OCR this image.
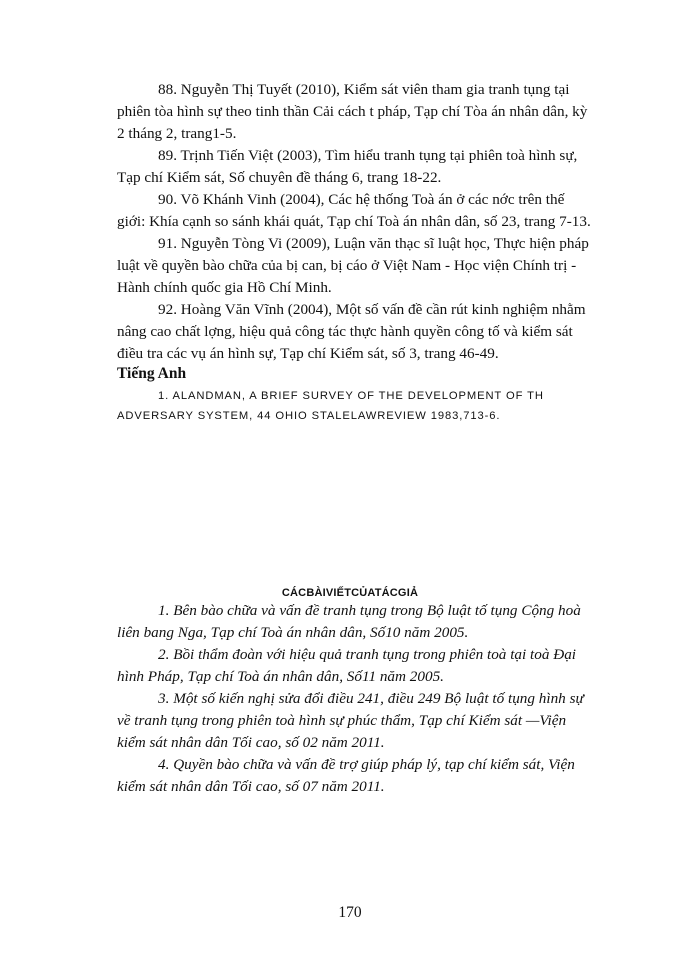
88. Nguyễn Thị Tuyết (2010), Kiểm sát viên tham gia tranh tụng tại
phiên tòa hình sự theo tinh thần Cải cách t pháp, Tạp chí Tòa án nhân dân, kỳ
2 tháng 2, trang1-5.

89. Trịnh Tiến Việt (2003), Tìm hiểu tranh tụng tại phiên toà hình sự,
Tạp chí Kiểm sát, Số chuyên đề tháng 6, trang 18-22.

90. Võ Khánh Vinh (2004), Các hệ thống Toà án ở các nớc trên thế
giới: Khía cạnh so sánh khái quát, Tạp chí Toà án nhân dân, số 23, trang 7-13.

91. Nguyễn Tòng Vi (2009), Luận văn thạc sĩ luật học, Thực hiện pháp
luật về quyền bào chữa của bị can, bị cáo ở Việt Nam - Học viện Chính trị -
Hành chính quốc gia Hồ Chí Minh.

92. Hoàng Văn Vĩnh (2004), Một số vấn đề cần rút kinh nghiệm nhằm
nâng cao chất lợng, hiệu quả công tác thực hành quyền công tố và kiểm sát
điều tra các vụ án hình sự, Tạp chí Kiểm sát, số 3, trang 46-49.

Tiếng Anh
1. ALANDMAN, A BRIEF SURVEY OF THE DEVELOPMENT OF TH
ADVERSARY SYSTEM, 44 OHIO STALELAWREVIEW 1983,713-6.
CÁCBÀIVIẾTCỦATÁCGIẢ

1. Bên bào chữa và vấn đề tranh tụng trong Bộ luật tố tụng Cộng hoà
liên bang Nga, Tạp chí Toà án nhân dân, Số10 năm 2005.

2. Bồi thẩm đoàn với hiệu quả tranh tụng trong phiên toà tại toà Đại
hình Pháp, Tạp chí Toà án nhân dân, Số11 năm 2005.

3. Một số kiến nghị sửa đổi điều 241, điều 249 Bộ luật tố tụng hình sự
về tranh tụng trong phiên toà hình sự phúc thẩm, Tạp chí Kiểm sát —Viện
kiểm sát nhân dân Tối cao, số 02 năm 2011.

4. Quyền bào chữa và vấn đề trợ giúp pháp lý, tạp chí kiểm sát, Viện
kiểm sát nhân dân Tối cao, số 07 năm 2011.

170
